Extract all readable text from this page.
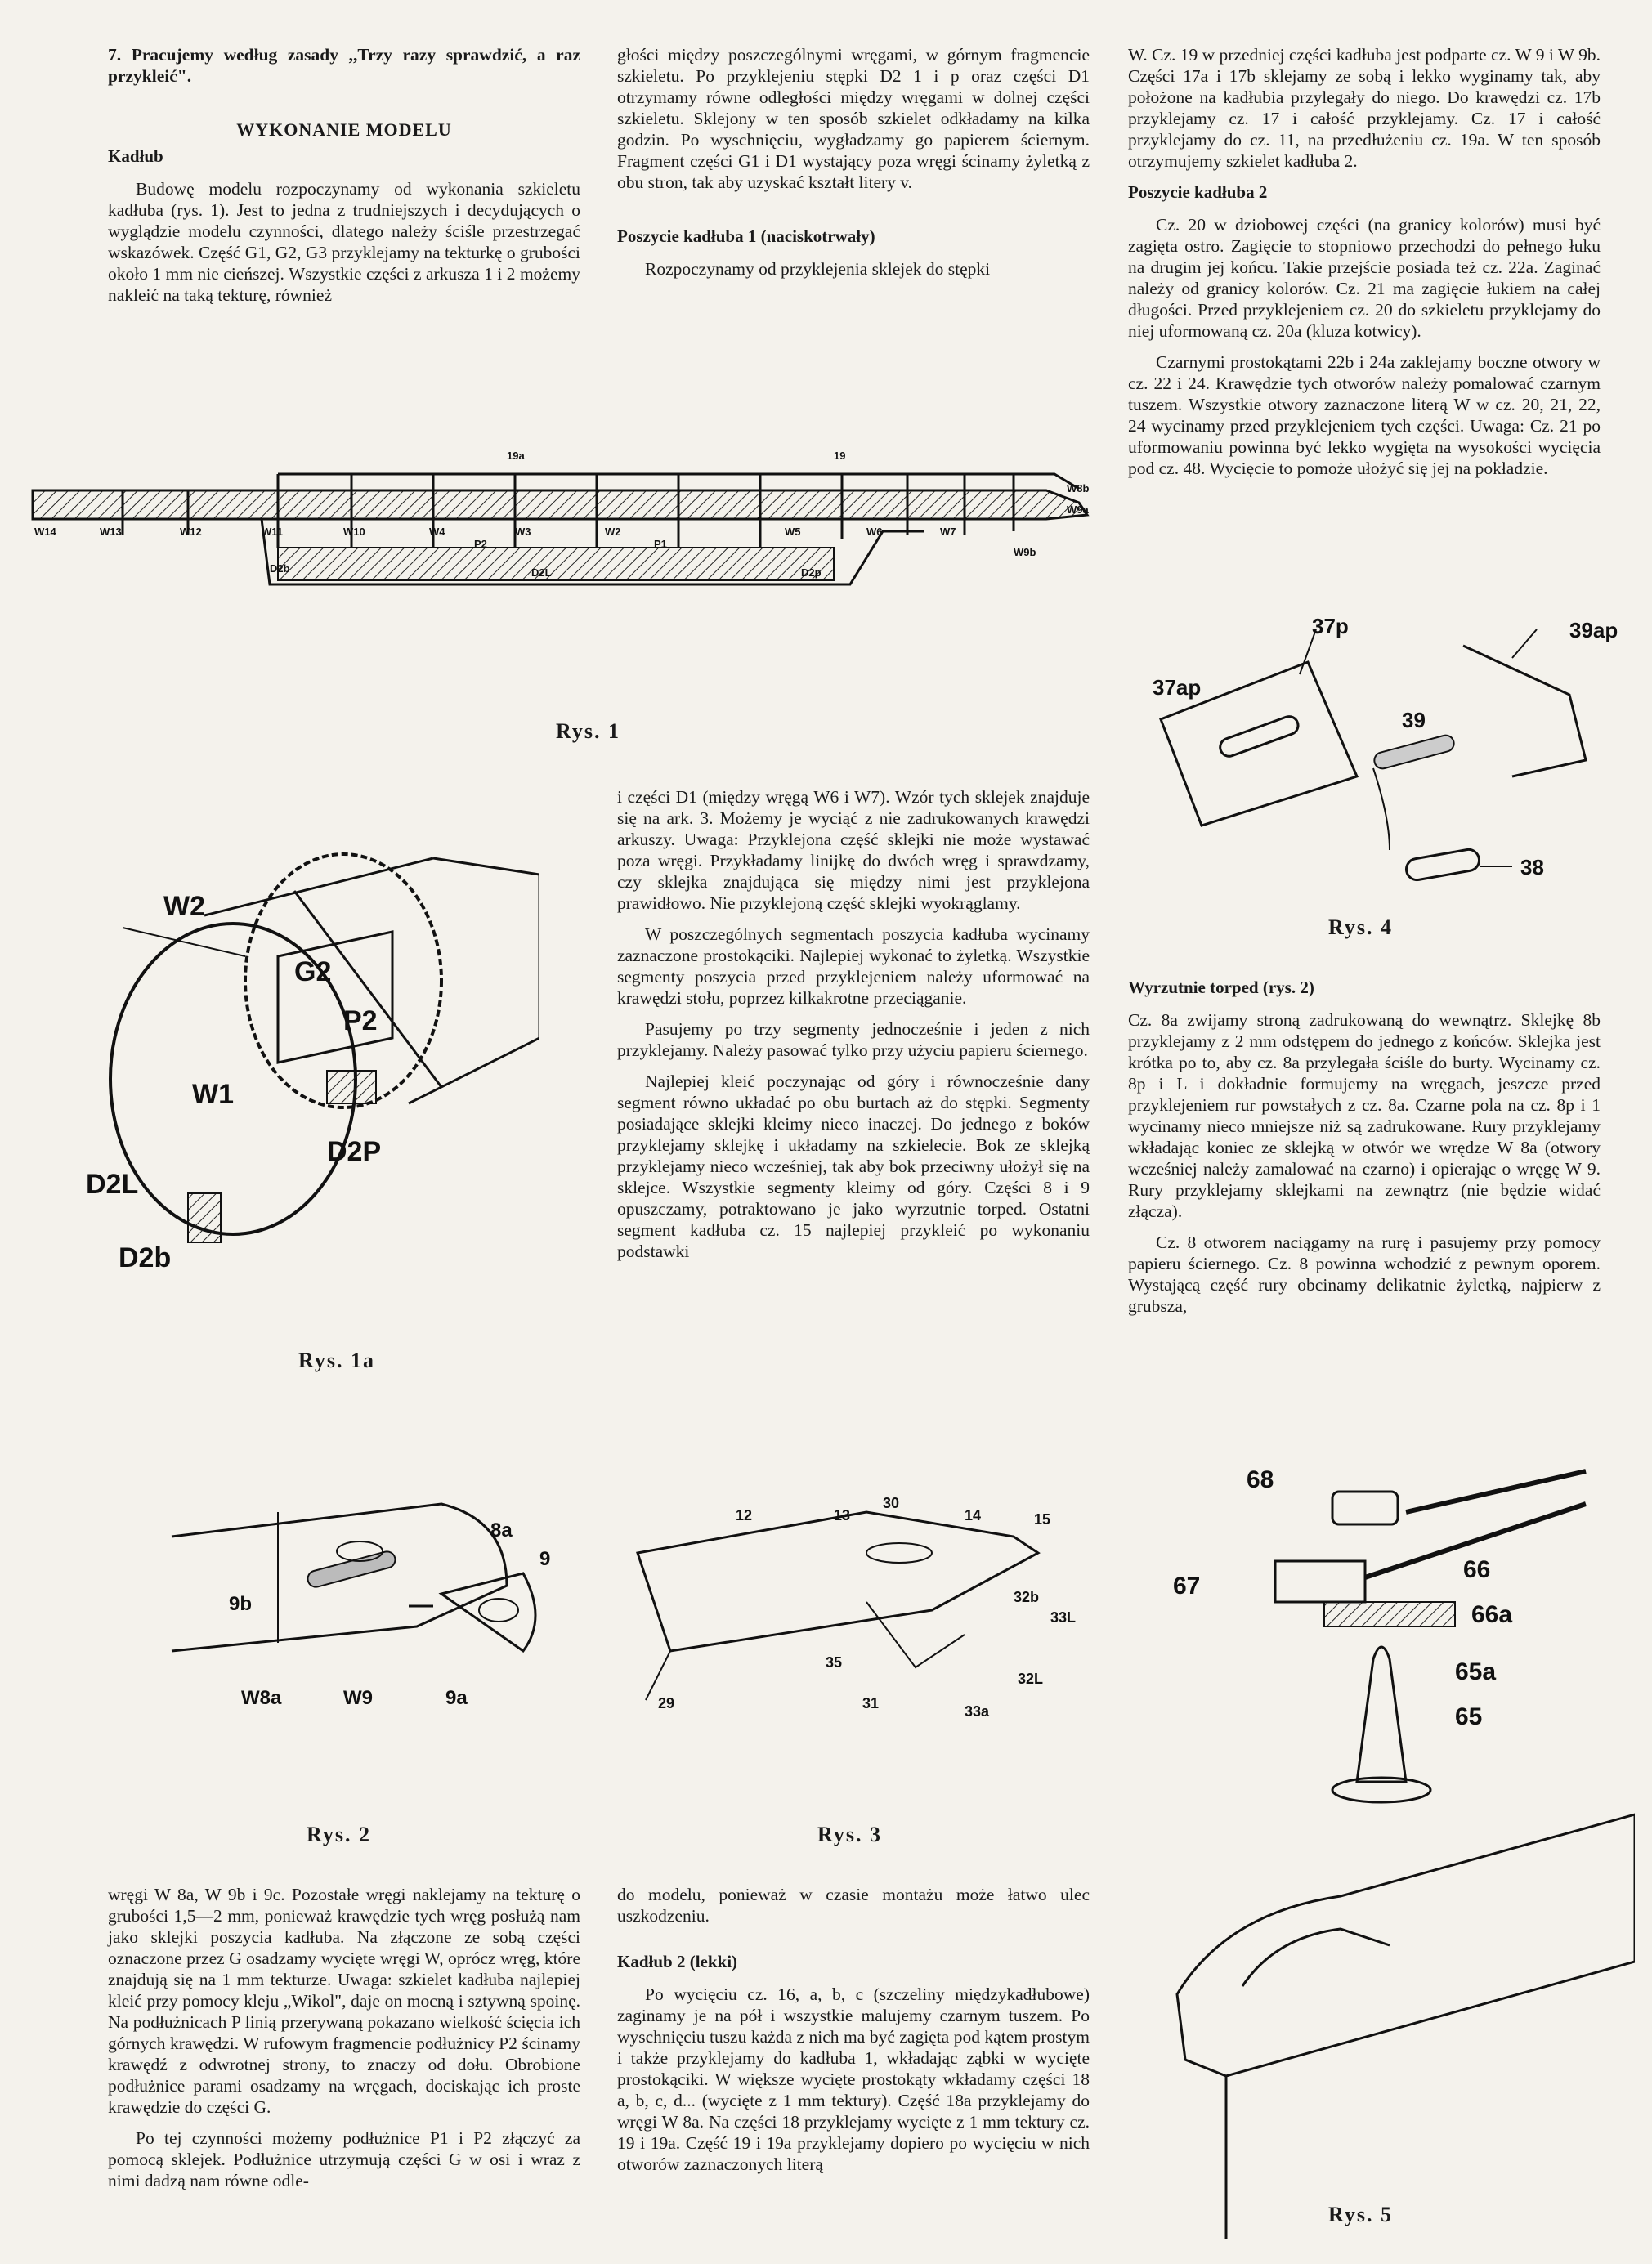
7. Pracujemy według zasady ,,Trzy razy sprawdzić, a raz przykleić".

WYKONANIE MODELU
Kadłub

Budowę modelu rozpoczynamy od wykonania szkieletu kadłuba (rys. 1). Jest to jedna z trudniejszych i decydujących o wyglądzie modelu czynności, dlatego należy ściśle przestrzegać wskazówek. Część G1, G2, G3 przyklejamy na tekturkę o grubości około 1 mm nie cieńszej. Wszystkie części z arkusza 1 i 2 możemy nakleić na taką tekturę, również

głości między poszczególnymi wręgami, w górnym fragmencie szkieletu. Po przyklejeniu stępki D2 1 i p oraz części D1 otrzymamy równe odległości między wręgami w dolnej części szkieletu. Sklejony w ten sposób szkielet odkładamy na kilka godzin. Po wyschnięciu, wygładzamy go papierem ściernym. Fragment części G1 i D1 wystający poza wręgi ścinamy żyletką z obu stron, tak aby uzyskać kształt litery v.

Poszycie kadłuba 1 (naciskotrwały)

Rozpoczynamy od przyklejenia sklejek do stępki

W. Cz. 19 w przedniej części kadłuba jest podparte cz. W 9 i W 9b. Części 17a i 17b sklejamy ze sobą i lekko wyginamy tak, aby położone na kadłubia przylegały do niego. Do krawędzi cz. 17b przyklejamy cz. 17 i całość przyklejamy. Cz. 17 i całość przyklejamy do cz. 11, na przedłużeniu cz. 19a. W ten sposób otrzymujemy szkielet kadłuba 2.

Poszycie kadłuba 2

Cz. 20 w dziobowej części (na granicy kolorów) musi być zagięta ostro. Zagięcie to stopniowo przechodzi do pełnego łuku na drugim jej końcu. Takie przejście posiada też cz. 22a. Zaginać należy od granicy kolorów. Cz. 21 ma zagięcie łukiem na całej długości. Przed przyklejeniem cz. 20 do szkieletu przyklejamy do niej uformowaną cz. 20a (kluza kotwicy).

Czarnymi prostokątami 22b i 24a zaklejamy boczne otwory w cz. 22 i 24. Krawędzie tych otworów należy pomalować czarnym tuszem. Wszystkie otwory zaznaczone literą W w cz. 20, 21, 22, 24 wycinamy przed przyklejeniem tych części. Uwaga: Cz. 21 po uformowaniu powinna być lekko wygięta na wysokości wycięcia pod cz. 48. Wycięcie to pomoże ułożyć się jej na pokładzie.

19a	19
W8b
W9a
W9b
W14	W13	W12	W11	W10	W4
P2
W3	W2
P1
W5	W6	W7
D2b	D2L	D2p
Rys. 1
W2
G2
P2
W1
D2P
D2L
D2b
Rys. 1a

i części D1 (między wręgą W6 i W7). Wzór tych sklejek znajduje się na ark. 3. Możemy je wyciąć z nie zadrukowanych krawędzi arkuszy. Uwaga: Przyklejona część sklejki nie może wystawać poza wręgi. Przykładamy linijkę do dwóch wręg i sprawdzamy, czy sklejka znajdująca się między nimi jest przyklejona prawidłowo. Nie przyklejoną część sklejki wyokrąglamy.

W poszczególnych segmentach poszycia kadłuba wycinamy zaznaczone prostokąciki. Najlepiej wykonać to żyletką. Wszystkie segmenty poszycia przed przyklejeniem należy uformować na krawędzi stołu, poprzez kilkakrotne przeciąganie.

Pasujemy po trzy segmenty jednocześnie i jeden z nich przyklejamy. Należy pasować tylko przy użyciu papieru ściernego.

Najlepiej kleić poczynając od góry i równocześnie dany segment równo układać po obu burtach aż do stępki. Segmenty posiadające sklejki kleimy nieco inaczej. Do jednego z boków przyklejamy sklejkę i układamy na szkielecie. Bok ze sklejką przyklejamy nieco wcześniej, tak aby bok przeciwny ułożył się na sklejce. Wszystkie segmenty kleimy od góry. Części 8 i 9 opuszczamy, potraktowano je jako wyrzutnie torped. Ostatni segment kadłuba cz. 15 najlepiej przykleić po wykonaniu podstawki

37p	39ap
37ap
39
38
Rys. 4
Wyrzutnie torped (rys. 2)

Cz. 8a zwijamy stroną zadrukowaną do wewnątrz. Sklejkę 8b przyklejamy z 2 mm odstępem do jednego z końców. Sklejka jest krótka po to, aby cz. 8a przylegała ściśle do burty. Wycinamy cz. 8p i L i dokładnie formujemy na wręgach, jeszcze przed przyklejeniem rur powstałych z cz. 8a. Czarne pola na cz. 8p i 1 wycinamy nieco mniejsze niż są zadrukowane. Rury przyklejamy wkładając koniec ze sklejką w otwór we wrędze W 8a (otwory wcześniej należy zamalować na czarno) i opierając o wręgę W 9. Rury przyklejamy sklejkami na zewnątrz (nie będzie widać złącza).

Cz. 8 otworem naciągamy na rurę i pasujemy przy pomocy papieru ściernego. Cz. 8 powinna wchodzić z pewnym oporem. Wystającą część rury obcinamy delikatnie żyletką, najpierw z grubsza,

8a
9
9b
W8a	W9	9a
Rys. 2
12	13
30
14	15
32b
33L
35
32L
29	31	33a
Rys. 3
68
67
66
66a
65a
65
Rys. 5

wręgi W 8a, W 9b i 9c. Pozostałe wręgi naklejamy na tekturę o grubości 1,5—2 mm, ponieważ krawędzie tych wręg posłużą nam jako sklejki poszycia kadłuba. Na złączone ze sobą części oznaczone przez G osadzamy wycięte wręgi W, oprócz wręg, które znajdują się na 1 mm tekturze. Uwaga: szkielet kadłuba najlepiej kleić przy pomocy kleju „Wikol", daje on mocną i sztywną spoinę. Na podłużnicach P linią przerywaną pokazano wielkość ścięcia ich górnych krawędzi. W rufowym fragmencie podłużnicy P2 ścinamy krawędź z odwrotnej strony, to znaczy od dołu. Obrobione podłużnice parami osadzamy na wręgach, dociskając ich proste krawędzie do części G.

Po tej czynności możemy podłużnice P1 i P2 złączyć za pomocą sklejek. Podłużnice utrzymują części G w osi i wraz z nimi dadzą nam równe odle-

do modelu, ponieważ w czasie montażu może łatwo ulec uszkodzeniu.

Kadłub 2 (lekki)

Po wycięciu cz. 16, a, b, c (szczeliny międzykadłubowe) zaginamy je na pół i wszystkie malujemy czarnym tuszem. Po wyschnięciu tuszu każda z nich ma być zagięta pod kątem prostym i także przyklejamy do kadłuba 1, wkładając ząbki w wycięte prostokąciki. W większe wycięte prostokąty wkładamy części 18 a, b, c, d... (wycięte z 1 mm tektury). Część 18a przyklejamy do wręgi W 8a. Na części 18 przyklejamy wycięte z 1 mm tektury cz. 19 i 19a. Część 19 i 19a przyklejamy dopiero po wycięciu w nich otworów zaznaczonych literą
